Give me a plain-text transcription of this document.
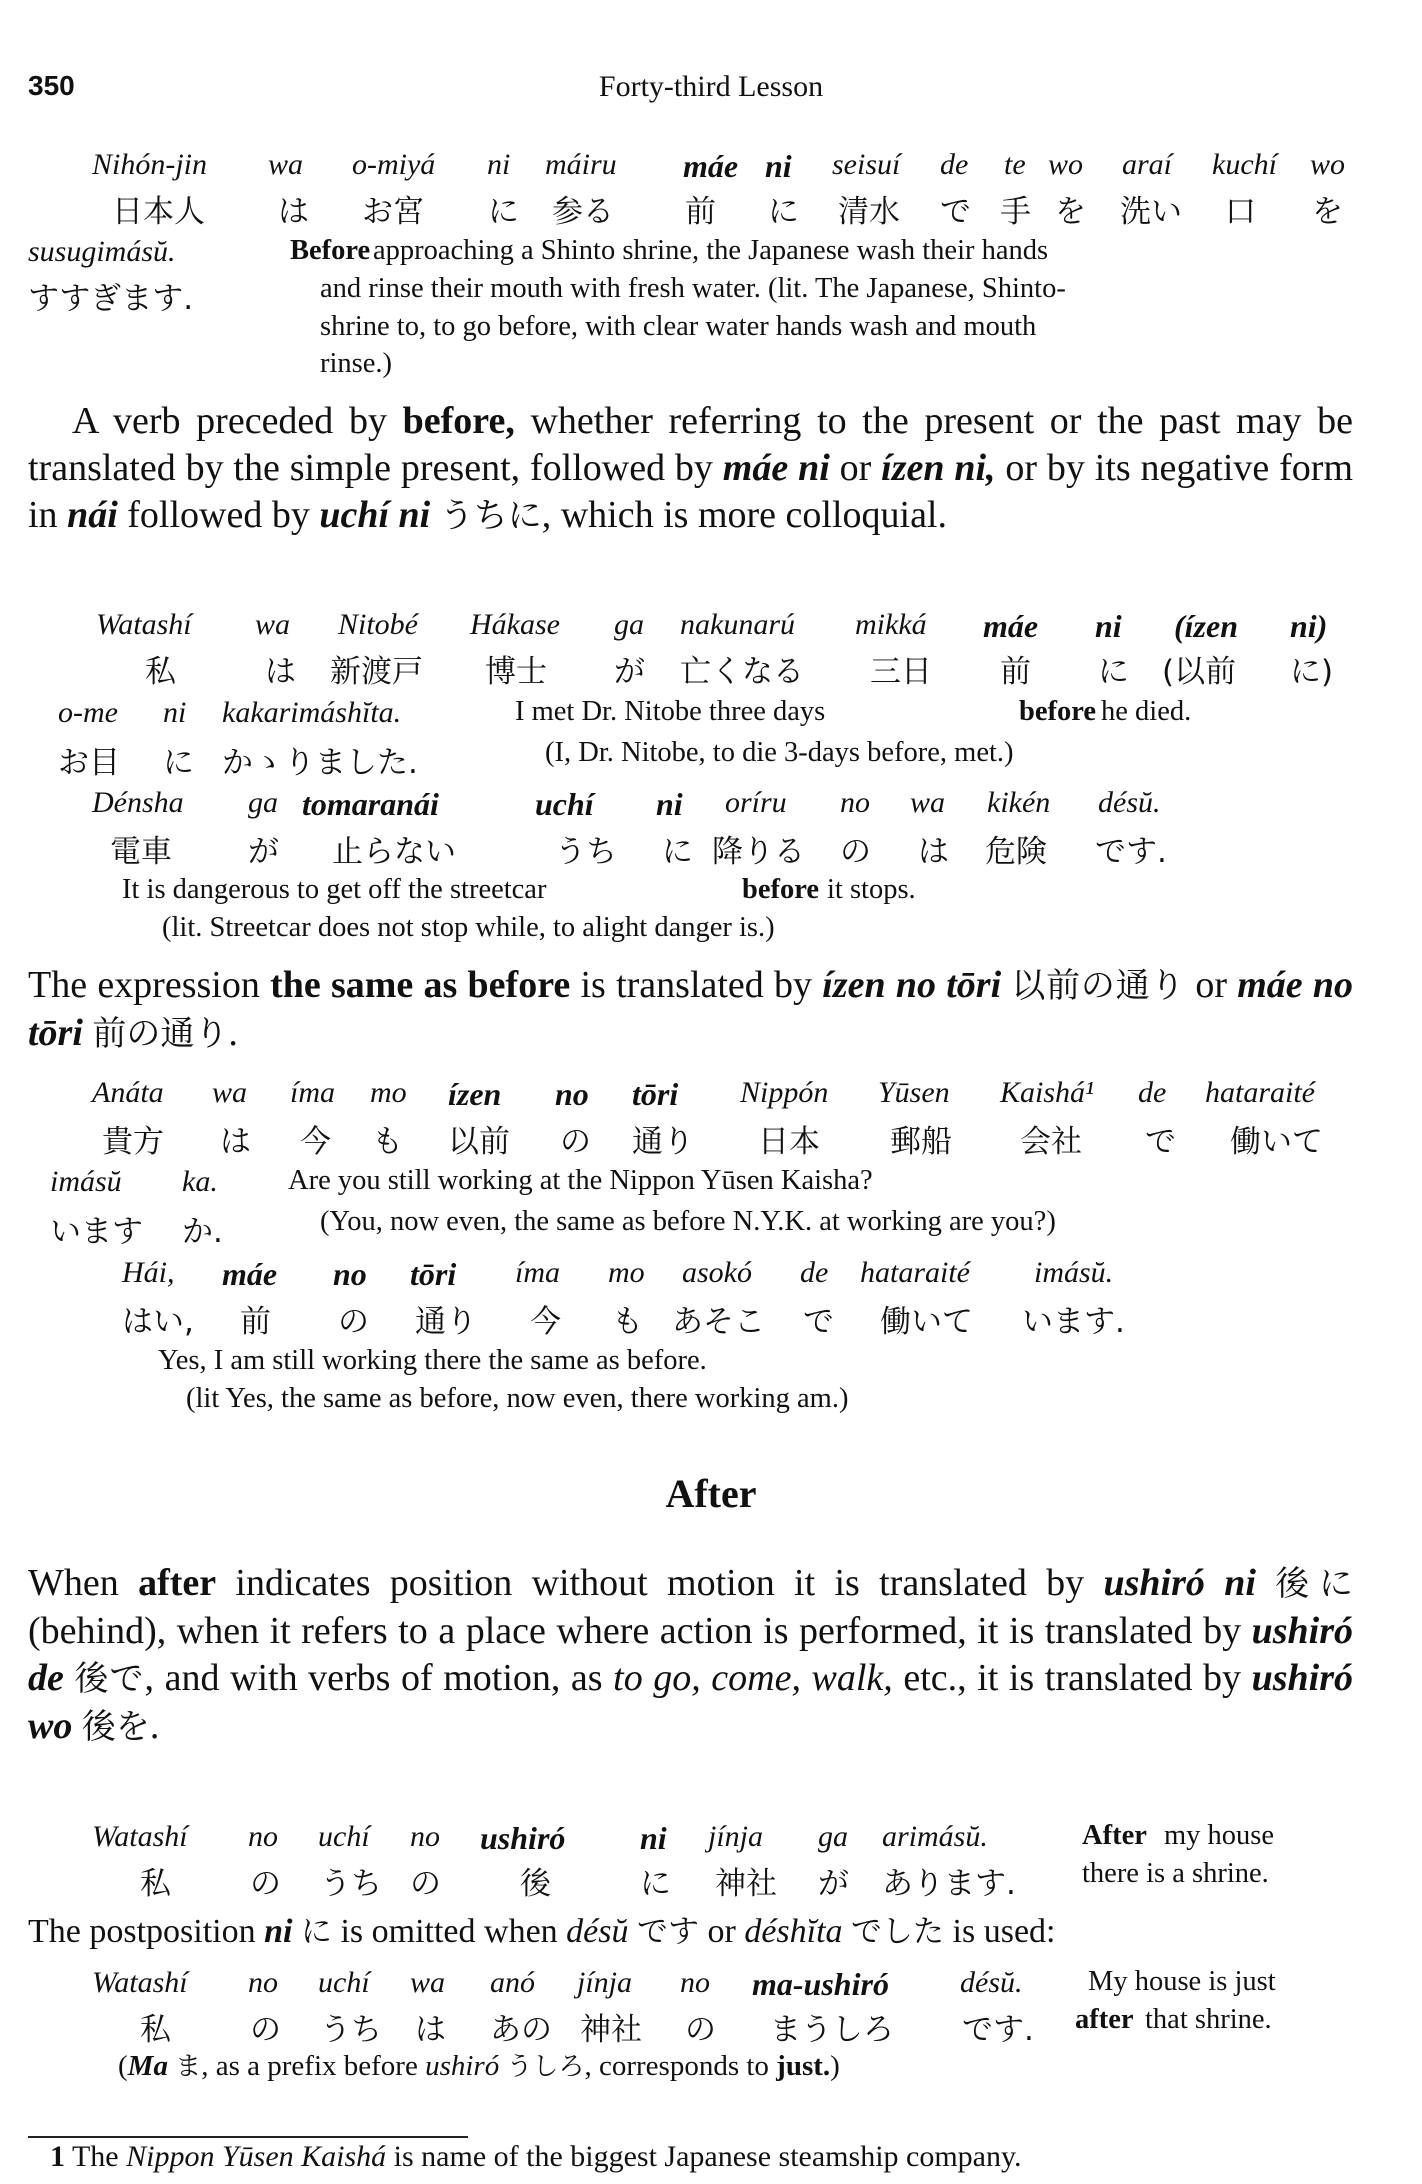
350	Forty-third Lesson
Nihón-jin wa o-miyá ni máiru máe ni seisuí de te wo araí kuchí wo
日本人 は お宮 に 参る 前 に 清水 で 手 を 洗い 口 を
susugimásŭ.	Before approaching a Shinto shrine, the Japanese wash their hands
すすぎます.	and rinse their mouth with fresh water. (lit. The Japanese, Shinto-
shrine to, to go before, with clear water hands wash and mouth
rinse.)
A verb preceded by before, whether referring to the present or the past may be translated by the simple present, followed by máe ni or ízen ni, or by its negative form in nái followed by uchí ni うちに, which is more colloquial.
Watashí wa Nitobé Hákase ga nakunarú mikká máe ni (ízen ni)
私	は 新渡戸 博士 が 亡くなる 三日 前 に (以前 に)
o-me ni kakarimáshĭta.	I met Dr. Nitobe three days	before he died.
お目 に かゝりました.	(I, Dr. Nitobe, to die 3-days before, met.)
Dénsha ga tomaranái	uchí ni oríru no wa kikén désŭ.
電車 が 止らない	うち に 降りる の は 危険 です.
It is dangerous to get off the streetcar	before it stops.
(lit. Streetcar does not stop while, to alight danger is.)
The expression the same as before is translated by ízen no tōri 以前の通り or máe no tōri 前の通り.
Anáta wa íma mo ízen no tōri Nippón Yūsen Kaishá¹ de hataraité
貴方 は 今 も 以前 の 通り 日本 郵船 会社 で 働いて
imásŭ ka. Are you still working at the Nippon Yūsen Kaisha?
います か.	(You, now even, the same as before N.Y.K. at working are you?)
Hái, máe no tōri íma mo asokó de hataraité imásŭ.
はい, 前 の 通り 今 も あそこ で 働いて います.
Yes, I am still working there the same as before.
(lit Yes, the same as before, now even, there working am.)
After
When after indicates position without motion it is translated by ushiró ni 後に (behind), when it refers to a place where action is performed, it is translated by ushiró de 後で, and with verbs of motion, as to go, come, walk, etc., it is translated by ushiró wo 後を.
Watashí no uchí no ushiró ni jínja ga arimásŭ.	After my house
私	の うち の	後	に 神社 が あります. there is a shrine.
The postposition ni に is omitted when désŭ です or déshĭta でした is used:
Watashí no uchí wa anó jínja no ma-ushiró désŭ. My house is just
私	の うち は あの 神社 の まうしろ です. after that shrine.
(Ma ま, as a prefix before ushiró うしろ, corresponds to just.)
1 The Nippon Yūsen Kaishá is name of the biggest Japanese steamship company.
